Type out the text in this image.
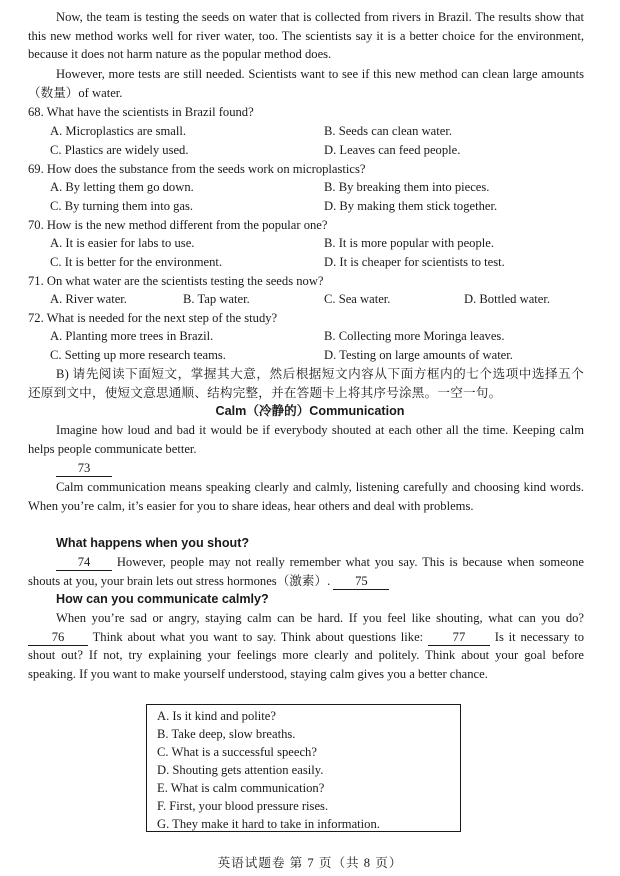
Now, the team is testing the seeds on water that is collected from rivers in Brazil. The results show that this new method works well for river water, too. The scientists say it is a better choice for the environment, because it does not harm nature as the popular method does.

However, more tests are still needed. Scientists want to see if this new method can clean large amounts（数量）of water.

68. What have the scientists in Brazil found?
A. Microplastics are small.	B. Seeds can clean water.
C. Plastics are widely used.	D. Leaves can feed people.
69. How does the substance from the seeds work on microplastics?
A. By letting them go down.	B. By breaking them into pieces.
C. By turning them into gas.	D. By making them stick together.
70. How is the new method different from the popular one?
A. It is easier for labs to use.	B. It is more popular with people.
C. It is better for the environment.	D. It is cheaper for scientists to test.
71. On what water are the scientists testing the seeds now?
A. River water.	B. Tap water.	C. Sea water.	D. Bottled water.
72. What is needed for the next step of the study?
A. Planting more trees in Brazil.	B. Collecting more Moringa leaves.
C. Setting up more research teams.	D. Testing on large amounts of water.

B) 请先阅读下面短文，掌握其大意，然后根据短文内容从下面方框内的七个选项中选择五个还原到文中，使短文意思通顺、结构完整，并在答题卡上将其序号涂黑。一空一句。

Calm（冷静的）Communication

Imagine how loud and bad it would be if everybody shouted at each other all the time. Keeping calm helps people communicate better.

73

Calm communication means speaking clearly and calmly, listening carefully and choosing kind words. When you’re calm, it’s easier for you to share ideas, hear others and deal with problems.

What happens when you shout?

74 However, people may not really remember what you say. This is because when someone shouts at you, your brain lets out stress hormones（激素）. 75

How can you communicate calmly?

When you’re sad or angry, staying calm can be hard. If you feel like shouting, what can you do? 76 Think about what you want to say. Think about questions like: 77 Is it necessary to shout out? If not, try explaining your feelings more clearly and politely. Think about your goal before speaking. If you want to make yourself understood, staying calm gives you a better chance.

A. Is it kind and polite?
B. Take deep, slow breaths.
C. What is a successful speech?
D. Shouting gets attention easily.
E. What is calm communication?
F. First, your blood pressure rises.
G. They make it hard to take in information.
英语试题卷 第 7 页（共 8 页）
